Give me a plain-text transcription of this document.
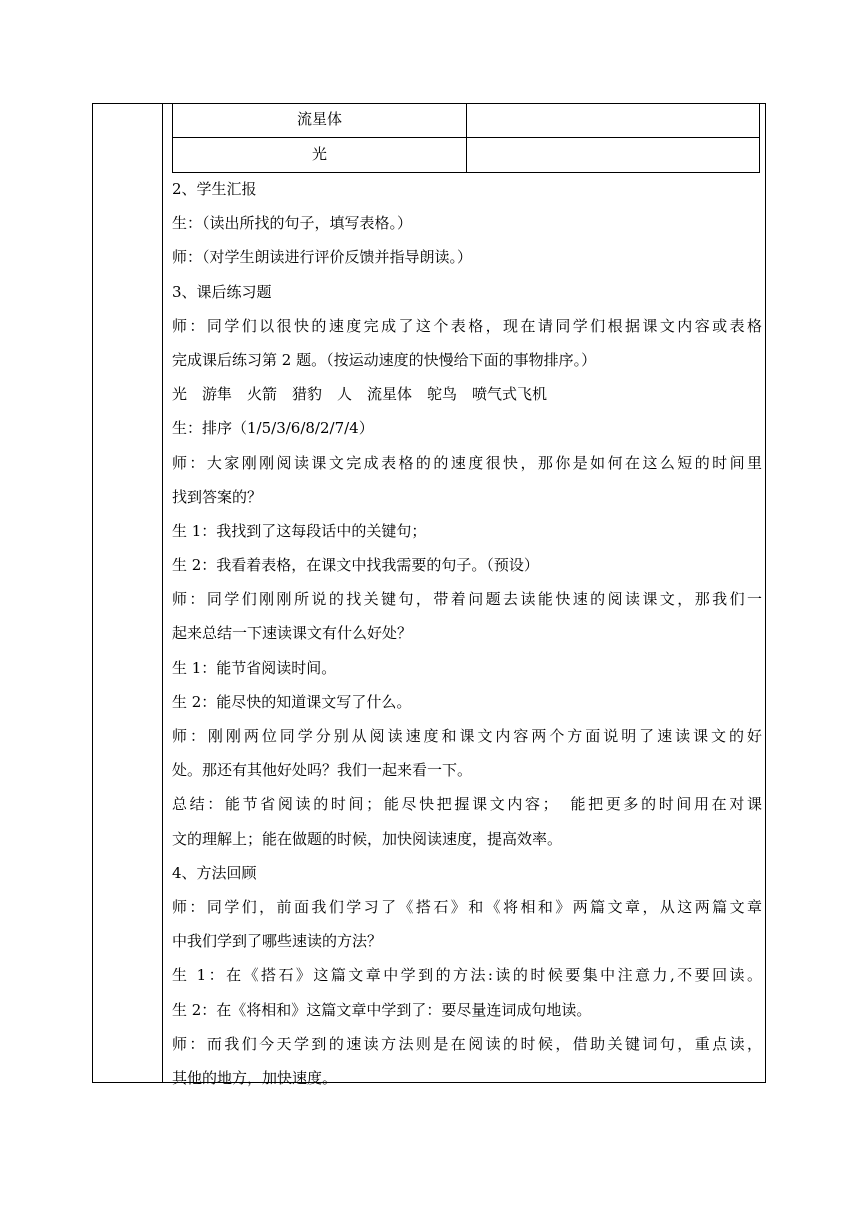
流星体
光
2、学生汇报
生：（读出所找的句子，填写表格。）
师：（对学生朗读进行评价反馈并指导朗读。）
3、课后练习题
师：同学们以很快的速度完成了这个表格，现在请同学们根据课文内容或表格
完成课后练习第 2 题。（按运动速度的快慢给下面的事物排序。）
光　游隼　火箭　猎豹　人　流星体　鸵鸟　喷气式飞机
生：排序（1/5/3/6/8/2/7/4）
师：大家刚刚阅读课文完成表格的的速度很快，那你是如何在这么短的时间里
找到答案的？
生 1：我找到了这每段话中的关键句；
生 2：我看着表格，在课文中找我需要的句子。（预设）
师：同学们刚刚所说的找关键句，带着问题去读能快速的阅读课文，那我们一
起来总结一下速读课文有什么好处？
生 1：能节省阅读时间。
生 2：能尽快的知道课文写了什么。
师：刚刚两位同学分别从阅读速度和课文内容两个方面说明了速读课文的好
处。那还有其他好处吗？我们一起来看一下。
总结：能节省阅读的时间；能尽快把握课文内容；　能把更多的时间用在对课
文的理解上；能在做题的时候，加快阅读速度，提高效率。
4、方法回顾
师：同学们，前面我们学习了《搭石》和《将相和》两篇文章，从这两篇文章
中我们学到了哪些速读的方法？
生 1：在《搭石》这篇文章中学到的方法:读的时候要集中注意力,不要回读。
生 2：在《将相和》这篇文章中学到了：要尽量连词成句地读。
师：而我们今天学到的速读方法则是在阅读的时候，借助关键词句，重点读，
其他的地方，加快速度。
